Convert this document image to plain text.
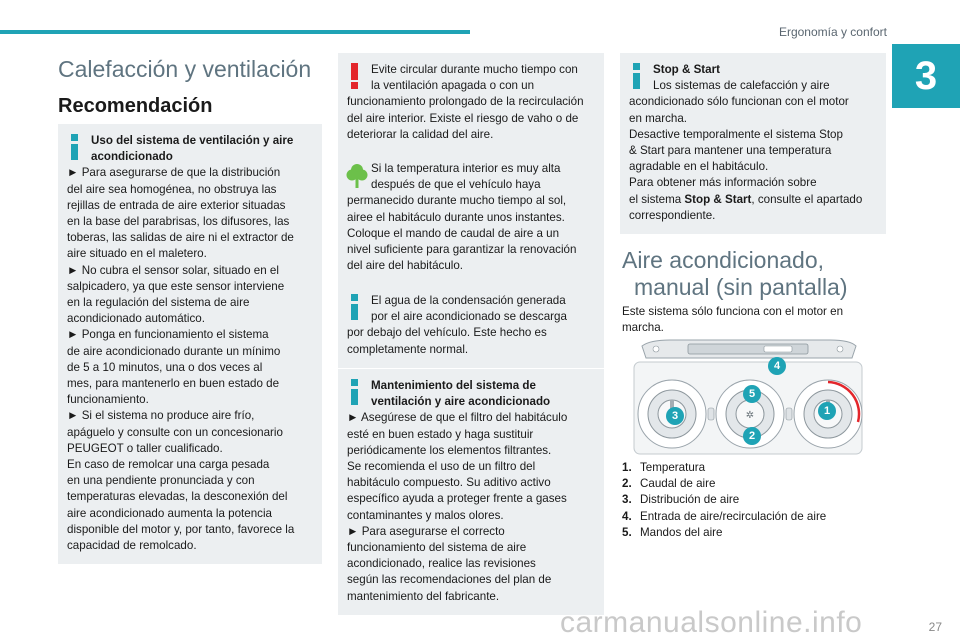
Ergonomía y confort
3
Calefacción y ventilación
Recomendación

Uso del sistema de ventilación y aire acondicionado

► Para asegurarse de que la distribución

del aire sea homogénea, no obstruya las

rejillas de entrada de aire exterior situadas

en la base del parabrisas, los difusores, las

toberas, las salidas de aire ni el extractor de

aire situado en el maletero.

► No cubra el sensor solar, situado en el

salpicadero, ya que este sensor interviene

en la regulación del sistema de aire

acondicionado automático.

► Ponga en funcionamiento el sistema

de aire acondicionado durante un mínimo

de 5 a 10 minutos, una o dos veces al

mes, para mantenerlo en buen estado de

funcionamiento.

► Si el sistema no produce aire frío,

apáguelo y consulte con un concesionario

PEUGEOT o taller cualificado.

En caso de remolcar una carga pesada

en una pendiente pronunciada y con

temperaturas elevadas, la desconexión del

aire acondicionado aumenta la potencia

disponible del motor y, por tanto, favorece la

capacidad de remolcado.

Evite circular durante mucho tiempo con

la ventilación apagada o con un

funcionamiento prolongado de la recirculación

del aire interior. Existe el riesgo de vaho o de

deteriorar la calidad del aire.

Si la temperatura interior es muy alta

después de que el vehículo haya

permanecido durante mucho tiempo al sol,

airee el habitáculo durante unos instantes.

Coloque el mando de caudal de aire a un

nivel suficiente para garantizar la renovación

del aire del habitáculo.

El agua de la condensación generada

por el aire acondicionado se descarga

por debajo del vehículo. Este hecho es

completamente normal.

Mantenimiento del sistema de ventilación y aire acondicionado

► Asegúrese de que el filtro del habitáculo

esté en buen estado y haga sustituir

periódicamente los elementos filtrantes.

Se recomienda el uso de un filtro del

habitáculo compuesto. Su aditivo activo

específico ayuda a proteger frente a gases

contaminantes y malos olores.

► Para asegurarse el correcto

funcionamiento del sistema de aire

acondicionado, realice las revisiones

según las recomendaciones del plan de

mantenimiento del fabricante.

Stop & Start

Los sistemas de calefacción y aire

acondicionado sólo funcionan con el motor

en marcha.

Desactive temporalmente el sistema Stop

& Start para mantener una temperatura

agradable en el habitáculo.

Para obtener más información sobre

el sistema Stop & Start, consulte el apartado

correspondiente.

Aire acondicionado,
manual (sin pantalla)

Este sistema sólo funciona con el motor en

marcha.

✲	1
2
3
4
5
1. Temperatura
2. Caudal de aire
3. Distribución de aire
4. Entrada de aire/recirculación de aire
5. Mandos del aire
carmanualsonline.info	27
